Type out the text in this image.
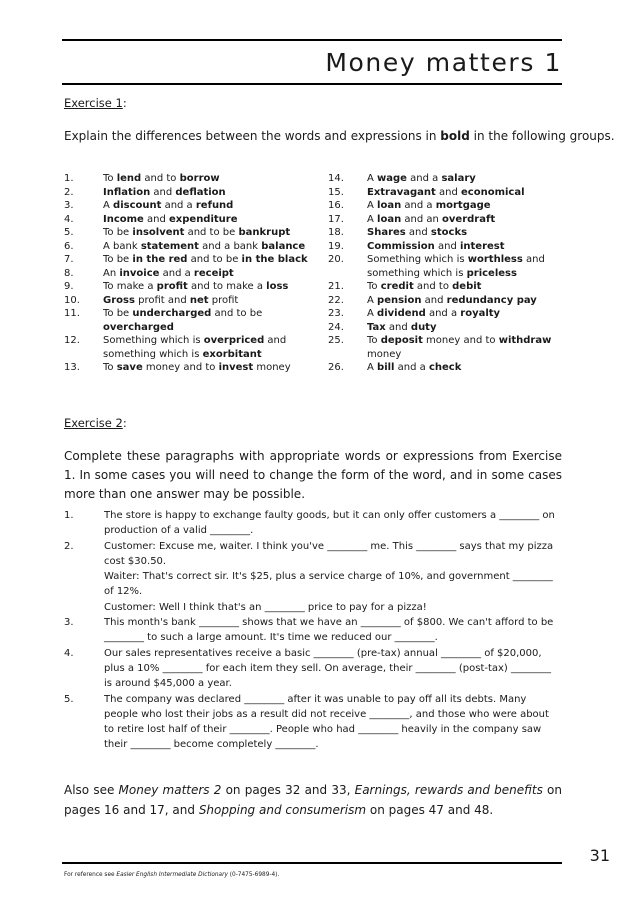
Money matters 1
Exercise 1:
Explain the differences between the words and expressions in bold in the following groups.
1.	To lend and to borrow
2.	Inflation and deflation
3.	A discount and a refund
4.	Income and expenditure
5.	To be insolvent and to be bankrupt
6.	A bank statement and a bank balance
7.	To be in the red and to be in the black
8.	An invoice and a receipt
9.	To make a profit and to make a loss
10.	Gross profit and net profit
11.	To be undercharged and to be overcharged
12.	Something which is overpriced and something which is exorbitant
13.	To save money and to invest money
14.	A wage and a salary
15.	Extravagant and economical
16.	A loan and a mortgage
17.	A loan and an overdraft
18.	Shares and stocks
19.	Commission and interest
20.	Something which is worthless and something which is priceless
21.	To credit and to debit
22.	A pension and redundancy pay
23.	A dividend and a royalty
24.	Tax and duty
25.	To deposit money and to withdraw money
26.	A bill and a check
Exercise 2:
Complete these paragraphs with appropriate words or expressions from Exercise 1. In some cases you will need to change the form of the word, and in some cases more than one answer may be possible.
1.	The store is happy to exchange faulty goods, but it can only offer customers a ________ on production of a valid ________.
2.	Customer: Excuse me, waiter. I think you've ________ me. This ________ says that my pizza cost $30.50.
Waiter: That's correct sir. It's $25, plus a service charge of 10%, and government ________ of 12%.
Customer: Well I think that's an ________ price to pay for a pizza!
3.	This month's bank ________ shows that we have an ________ of $800. We can't afford to be ________ to such a large amount. It's time we reduced our ________.
4.	Our sales representatives receive a basic ________ (pre-tax) annual ________ of $20,000, plus a 10% ________ for each item they sell. On average, their ________ (post-tax) ________ is around $45,000 a year.
5.	The company was declared ________ after it was unable to pay off all its debts. Many people who lost their jobs as a result did not receive ________, and those who were about to retire lost half of their ________. People who had ________ heavily in the company saw their ________ become completely ________.
Also see Money matters 2 on pages 32 and 33, Earnings, rewards and benefits on pages 16 and 17, and Shopping and consumerism on pages 47 and 48.
31
For reference see Easier English Intermediate Dictionary (0-7475-6989-4).
